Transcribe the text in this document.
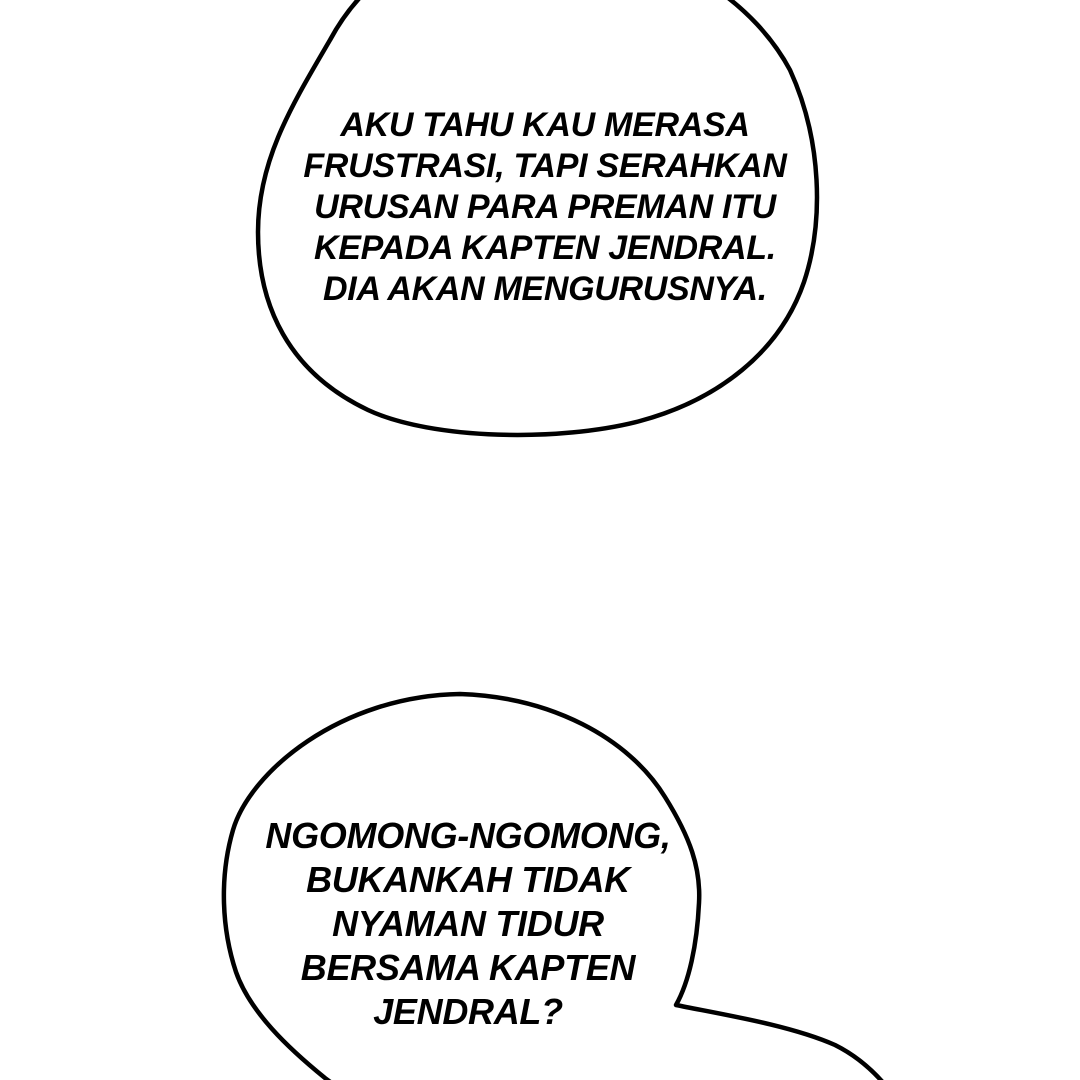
AKU TAHU KAU MERASA
FRUSTRASI, TAPI SERAHKAN
URUSAN PARA PREMAN ITU
KEPADA KAPTEN JENDRAL.
DIA AKAN MENGURUSNYA.
NGOMONG-NGOMONG,
BUKANKAH TIDAK
NYAMAN TIDUR
BERSAMA KAPTEN
JENDRAL?
